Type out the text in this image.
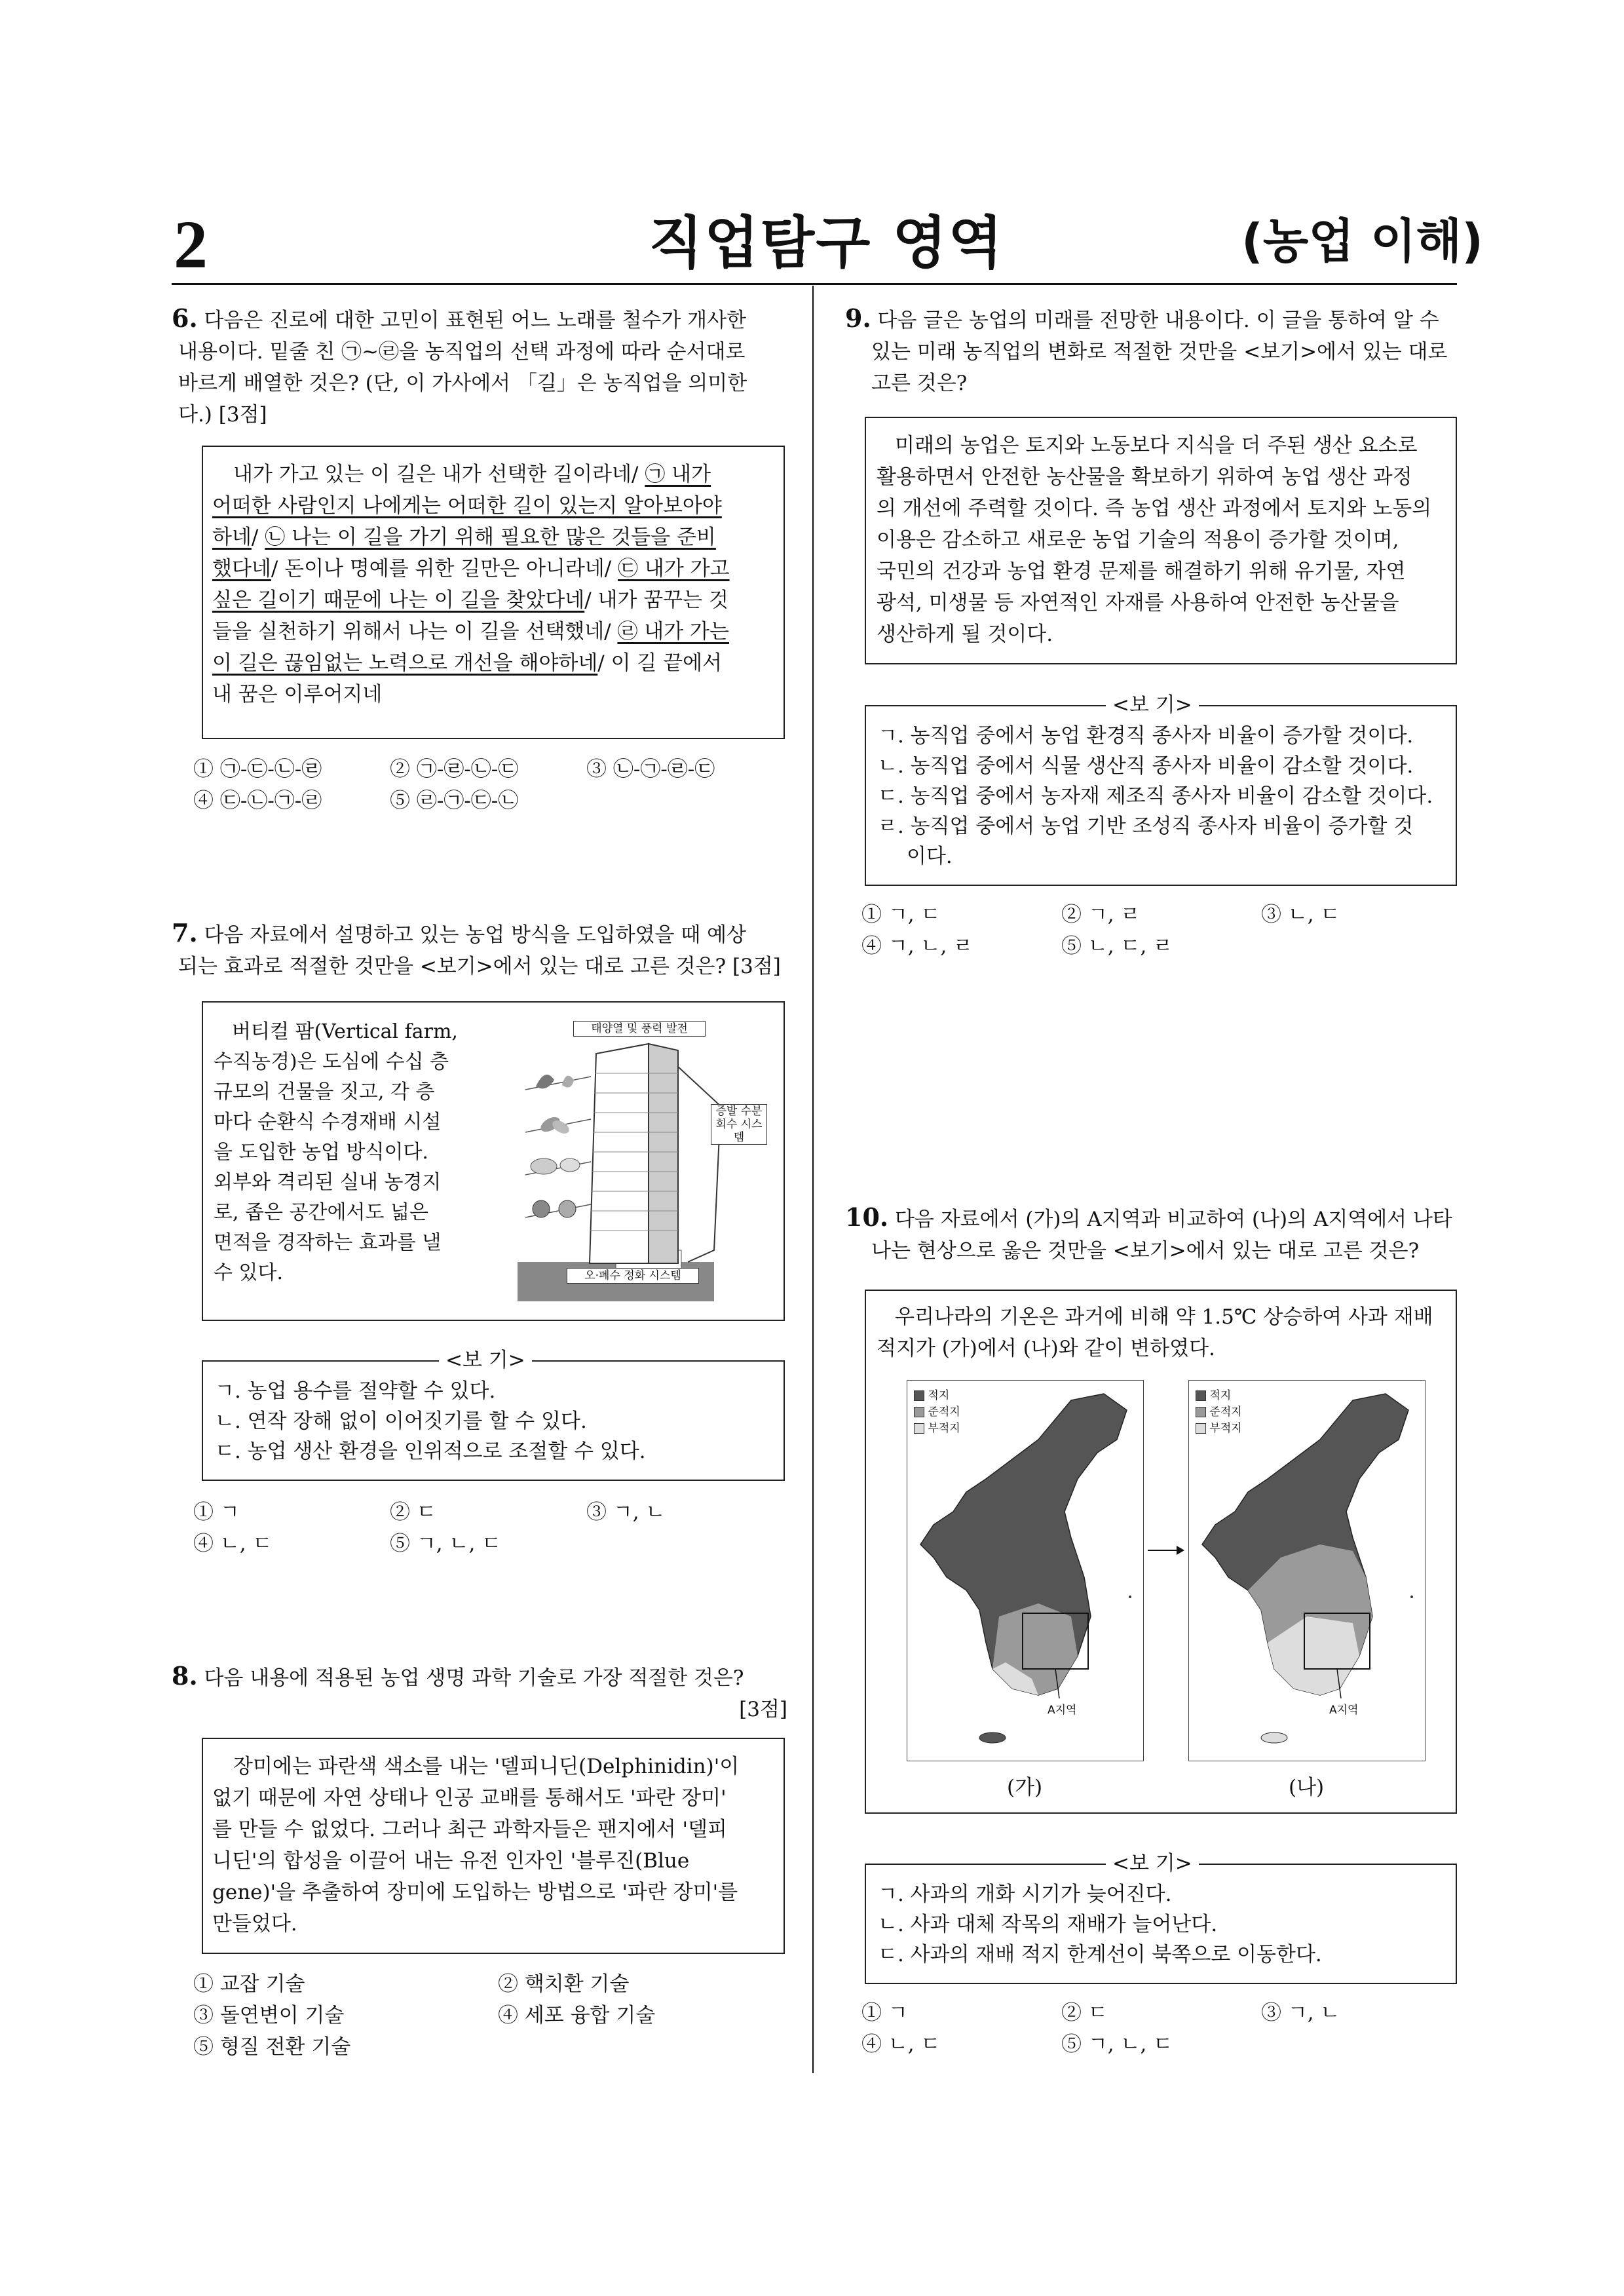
2	직업탐구 영역	(농업 이해)
6. 다음은 진로에 대한 고민이 표현된 어느 노래를 철수가 개사한
내용이다. 밑줄 친 ㉠~㉣을 농직업의 선택 과정에 따라 순서대로
바르게 배열한 것은? (단, 이 가사에서 「길」은 농직업을 의미한
다.) [3점]
내가 가고 있는 이 길은 내가 선택한 길이라네/ ㉠ 내가
어떠한 사람인지 나에게는 어떠한 길이 있는지 알아보아야
하네/ ㉡ 나는 이 길을 가기 위해 필요한 많은 것들을 준비
했다네/ 돈이나 명예를 위한 길만은 아니라네/ ㉢ 내가 가고
싶은 길이기 때문에 나는 이 길을 찾았다네/ 내가 꿈꾸는 것
들을 실천하기 위해서 나는 이 길을 선택했네/ ㉣ 내가 가는
이 길은 끊임없는 노력으로 개선을 해야하네/ 이 길 끝에서
내 꿈은 이루어지네
① ㉠-㉢-㉡-㉣	② ㉠-㉣-㉡-㉢	③ ㉡-㉠-㉣-㉢
④ ㉢-㉡-㉠-㉣	⑤ ㉣-㉠-㉢-㉡
7. 다음 자료에서 설명하고 있는 농업 방식을 도입하였을 때 예상
되는 효과로 적절한 것만을 <보기>에서 있는 대로 고른 것은? [3점]
버티컬 팜(Vertical farm,
수직농경)은 도심에 수십 층
규모의 건물을 짓고, 각 층
마다 순환식 수경재배 시설
을 도입한 농업 방식이다.
외부와 격리된 실내 농경지
로, 좁은 공간에서도 넓은
면적을 경작하는 효과를 낼
수 있다.
태양열 및 풍력 발전
증발 수분
회수 시스템
오·폐수 정화 시스템
ㄱ. 농업 용수를 절약할 수 있다.
ㄴ. 연작 장해 없이 이어짓기를 할 수 있다.
ㄷ. 농업 생산 환경을 인위적으로 조절할 수 있다.
<보 기>
① ㄱ	② ㄷ	③ ㄱ, ㄴ
④ ㄴ, ㄷ	⑤ ㄱ, ㄴ, ㄷ
8. 다음 내용에 적용된 농업 생명 과학 기술로 가장 적절한 것은?
[3점]
장미에는 파란색 색소를 내는 '델피니딘(Delphinidin)'이
없기 때문에 자연 상태나 인공 교배를 통해서도 '파란 장미'
를 만들 수 없었다. 그러나 최근 과학자들은 팬지에서 '델피
니딘'의 합성을 이끌어 내는 유전 인자인 '블루진(Blue
gene)'을 추출하여 장미에 도입하는 방법으로 '파란 장미'를
만들었다.
① 교잡 기술	② 핵치환 기술
③ 돌연변이 기술	④ 세포 융합 기술
⑤ 형질 전환 기술
9. 다음 글은 농업의 미래를 전망한 내용이다. 이 글을 통하여 알 수
있는 미래 농직업의 변화로 적절한 것만을 <보기>에서 있는 대로
고른 것은?
미래의 농업은 토지와 노동보다 지식을 더 주된 생산 요소로
활용하면서 안전한 농산물을 확보하기 위하여 농업 생산 과정
의 개선에 주력할 것이다. 즉 농업 생산 과정에서 토지와 노동의
이용은 감소하고 새로운 농업 기술의 적용이 증가할 것이며,
국민의 건강과 농업 환경 문제를 해결하기 위해 유기물, 자연
광석, 미생물 등 자연적인 자재를 사용하여 안전한 농산물을
생산하게 될 것이다.
ㄱ. 농직업 중에서 농업 환경직 종사자 비율이 증가할 것이다.
ㄴ. 농직업 중에서 식물 생산직 종사자 비율이 감소할 것이다.
ㄷ. 농직업 중에서 농자재 제조직 종사자 비율이 감소할 것이다.
ㄹ. 농직업 중에서 농업 기반 조성직 종사자 비율이 증가할 것
이다.
<보 기>
① ㄱ, ㄷ	② ㄱ, ㄹ	③ ㄴ, ㄷ
④ ㄱ, ㄴ, ㄹ	⑤ ㄴ, ㄷ, ㄹ
10. 다음 자료에서 (가)의 A지역과 비교하여 (나)의 A지역에서 나타
나는 현상으로 옳은 것만을 <보기>에서 있는 대로 고른 것은?
우리나라의 기온은 과거에 비해 약 1.5℃ 상승하여 사과 재배
적지가 (가)에서 (나)와 같이 변하였다.
적지
준적지
부적지
A지역
적지
준적지
부적지
A지역
(가)	(나)
ㄱ. 사과의 개화 시기가 늦어진다.
ㄴ. 사과 대체 작목의 재배가 늘어난다.
ㄷ. 사과의 재배 적지 한계선이 북쪽으로 이동한다.
<보 기>
① ㄱ	② ㄷ	③ ㄱ, ㄴ
④ ㄴ, ㄷ	⑤ ㄱ, ㄴ, ㄷ
